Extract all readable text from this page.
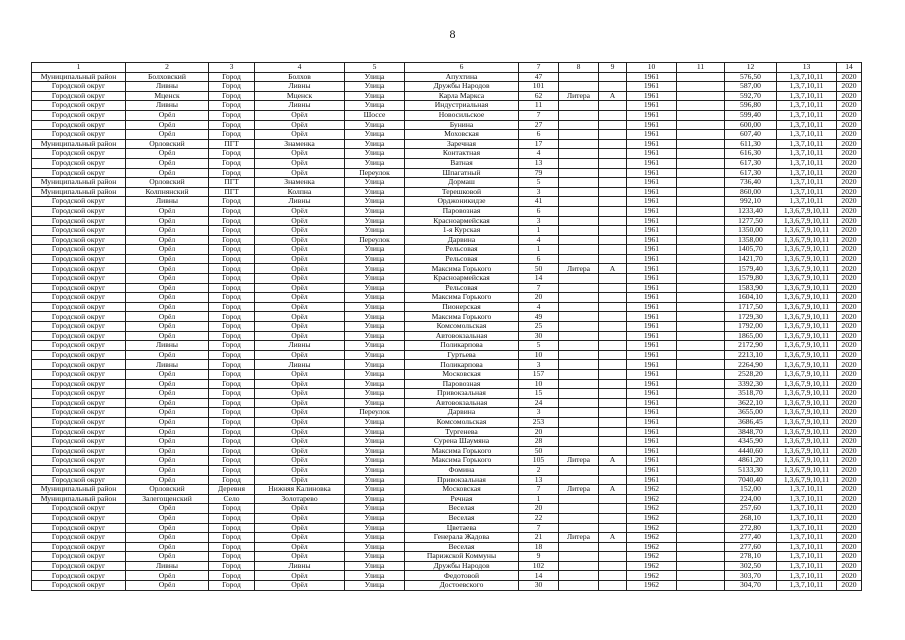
8
1	2	3	4	5	6	7	8	9	10	11	12	13	14
Муниципальный район	Болховский	Город	Болхов	Улица	Апухтина	47			1961		576,50	1,3,7,10,11	2020
Городской округ	Ливны	Город	Ливны	Улица	Дружбы Народов	101			1961		587,00	1,3,7,10,11	2020
Городской округ	Мценск	Город	Мценск	Улица	Карла Маркса	62	Литера	А	1961		592,70	1,3,7,10,11	2020
Городской округ	Ливны	Город	Ливны	Улица	Индустриальная	11			1961		596,80	1,3,7,10,11	2020
Городской округ	Орёл	Город	Орёл	Шоссе	Новосильское	7			1961		599,40	1,3,7,10,11	2020
Городской округ	Орёл	Город	Орёл	Улица	Бунина	27			1961		600,00	1,3,7,10,11	2020
Городской округ	Орёл	Город	Орёл	Улица	Моховская	6			1961		607,40	1,3,7,10,11	2020
Муниципальный район	Орловский	ПГТ	Знаменка	Улица	Заречная	17			1961		611,30	1,3,7,10,11	2020
Городской округ	Орёл	Город	Орёл	Улица	Контактная	4			1961		616,30	1,3,7,10,11	2020
Городской округ	Орёл	Город	Орёл	Улица	Ватная	13			1961		617,30	1,3,7,10,11	2020
Городской округ	Орёл	Город	Орёл	Переулок	Шпагатный	79			1961		617,30	1,3,7,10,11	2020
Муниципальный район	Орловский	ПГТ	Знаменка	Улица	Дормаш	5			1961		736,40	1,3,7,10,11	2020
Муниципальный район	Колпнянский	ПГТ	Колпна	Улица	Терешковой	3			1961		860,00	1,3,7,10,11	2020
Городской округ	Ливны	Город	Ливны	Улица	Орджоникидзе	41			1961		992,10	1,3,7,10,11	2020
Городской округ	Орёл	Город	Орёл	Улица	Паровозная	6			1961		1233,40	1,3,6,7,9,10,11	2020
Городской округ	Орёл	Город	Орёл	Улица	Красноармейская	3			1961		1277,50	1,3,6,7,9,10,11	2020
Городской округ	Орёл	Город	Орёл	Улица	1-я Курская	1			1961		1350,00	1,3,6,7,9,10,11	2020
Городской округ	Орёл	Город	Орёл	Переулок	Дарвина	4			1961		1358,00	1,3,6,7,9,10,11	2020
Городской округ	Орёл	Город	Орёл	Улица	Рельсовая	1			1961		1405,70	1,3,6,7,9,10,11	2020
Городской округ	Орёл	Город	Орёл	Улица	Рельсовая	6			1961		1421,70	1,3,6,7,9,10,11	2020
Городской округ	Орёл	Город	Орёл	Улица	Максима Горького	50	Литера	А	1961		1579,40	1,3,6,7,9,10,11	2020
Городской округ	Орёл	Город	Орёл	Улица	Красноармейская	14			1961		1579,80	1,3,6,7,9,10,11	2020
Городской округ	Орёл	Город	Орёл	Улица	Рельсовая	7			1961		1583,90	1,3,6,7,9,10,11	2020
Городской округ	Орёл	Город	Орёл	Улица	Максима Горького	20			1961		1604,10	1,3,6,7,9,10,11	2020
Городской округ	Орёл	Город	Орёл	Улица	Пионерская	4			1961		1717,50	1,3,6,7,9,10,11	2020
Городской округ	Орёл	Город	Орёл	Улица	Максима Горького	49			1961		1729,30	1,3,6,7,9,10,11	2020
Городской округ	Орёл	Город	Орёл	Улица	Комсомольская	25			1961		1792,00	1,3,6,7,9,10,11	2020
Городской округ	Орёл	Город	Орёл	Улица	Автовокзальная	30			1961		1865,00	1,3,6,7,9,10,11	2020
Городской округ	Ливны	Город	Ливны	Улица	Поликарпова	5			1961		2172,90	1,3,6,7,9,10,11	2020
Городской округ	Орёл	Город	Орёл	Улица	Гуртьева	10			1961		2213,10	1,3,6,7,9,10,11	2020
Городской округ	Ливны	Город	Ливны	Улица	Поликарпова	3			1961		2264,90	1,3,6,7,9,10,11	2020
Городской округ	Орёл	Город	Орёл	Улица	Московская	157			1961		2528,20	1,3,6,7,9,10,11	2020
Городской округ	Орёл	Город	Орёл	Улица	Паровозная	10			1961		3392,30	1,3,6,7,9,10,11	2020
Городской округ	Орёл	Город	Орёл	Улица	Привокзальная	15			1961		3518,70	1,3,6,7,9,10,11	2020
Городской округ	Орёл	Город	Орёл	Улица	Автовокзальная	24			1961		3622,10	1,3,6,7,9,10,11	2020
Городской округ	Орёл	Город	Орёл	Переулок	Дарвина	3			1961		3655,00	1,3,6,7,9,10,11	2020
Городской округ	Орёл	Город	Орёл	Улица	Комсомольская	253			1961		3686,45	1,3,6,7,9,10,11	2020
Городской округ	Орёл	Город	Орёл	Улица	Тургенева	20			1961		3848,70	1,3,6,7,9,10,11	2020
Городской округ	Орёл	Город	Орёл	Улица	Сурена Шаумяна	28			1961		4345,90	1,3,6,7,9,10,11	2020
Городской округ	Орёл	Город	Орёл	Улица	Максима Горького	50			1961		4440,60	1,3,6,7,9,10,11	2020
Городской округ	Орёл	Город	Орёл	Улица	Максима Горького	105	Литера	А	1961		4861,20	1,3,6,7,9,10,11	2020
Городской округ	Орёл	Город	Орёл	Улица	Фомина	2			1961		5133,30	1,3,6,7,9,10,11	2020
Городской округ	Орёл	Город	Орёл	Улица	Привокзальная	13			1961		7040,40	1,3,6,7,9,10,11	2020
Муниципальный район	Орловский	Деревня	Нижняя Калиновка	Улица	Московская	7	Литера	А	1962		152,00	1,3,7,10,11	2020
Муниципальный район	Залегощенский	Село	Золотарево	Улица	Речная	1			1962		224,00	1,3,7,10,11	2020
Городской округ	Орёл	Город	Орёл	Улица	Веселая	20			1962		257,60	1,3,7,10,11	2020
Городской округ	Орёл	Город	Орёл	Улица	Веселая	22			1962		268,10	1,3,7,10,11	2020
Городской округ	Орёл	Город	Орёл	Улица	Цветаева	7			1962		272,80	1,3,7,10,11	2020
Городской округ	Орёл	Город	Орёл	Улица	Генерала Жадова	21	Литера	А	1962		277,40	1,3,7,10,11	2020
Городской округ	Орёл	Город	Орёл	Улица	Веселая	18			1962		277,60	1,3,7,10,11	2020
Городской округ	Орёл	Город	Орёл	Улица	Парижской Коммуны	9			1962		278,10	1,3,7,10,11	2020
Городской округ	Ливны	Город	Ливны	Улица	Дружбы Народов	102			1962		302,50	1,3,7,10,11	2020
Городской округ	Орёл	Город	Орёл	Улица	Федотовой	14			1962		303,70	1,3,7,10,11	2020
Городской округ	Орёл	Город	Орёл	Улица	Достоевского	30			1962		304,70	1,3,7,10,11	2020
